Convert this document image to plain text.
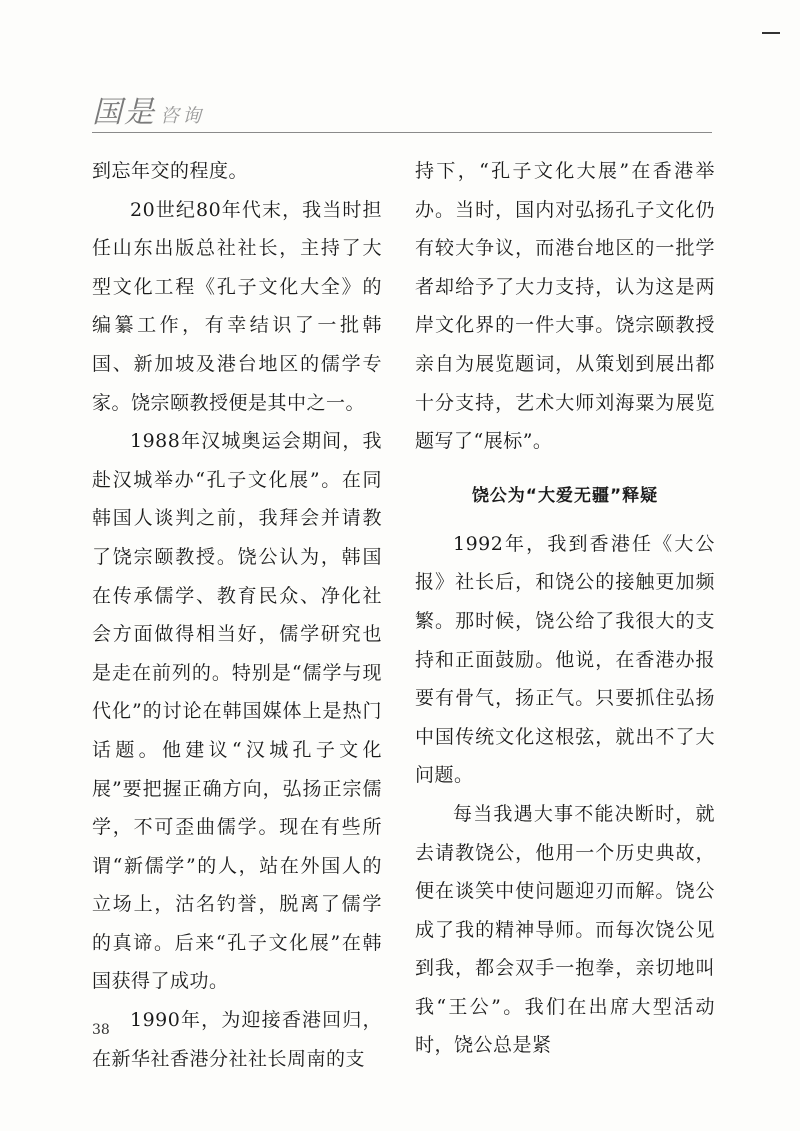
国是 咨询

到忘年交的程度。

20世纪80年代末，我当时担任山东出版总社社长，主持了大型文化工程《孔子文化大全》的编纂工作，有幸结识了一批韩国、新加坡及港台地区的儒学专家。饶宗颐教授便是其中之一。

1988年汉城奥运会期间，我赴汉城举办“孔子文化展”。在同韩国人谈判之前，我拜会并请教了饶宗颐教授。饶公认为，韩国在传承儒学、教育民众、净化社会方面做得相当好，儒学研究也是走在前列的。特别是“儒学与现代化”的讨论在韩国媒体上是热门话题。他建议“汉城孔子文化展”要把握正确方向，弘扬正宗儒学，不可歪曲儒学。现在有些所谓“新儒学”的人，站在外国人的立场上，沽名钓誉，脱离了儒学的真谛。后来“孔子文化展”在韩国获得了成功。

1990年，为迎接香港回归，在新华社香港分社社长周南的支

持下，“孔子文化大展”在香港举办。当时，国内对弘扬孔子文化仍有较大争议，而港台地区的一批学者却给予了大力支持，认为这是两岸文化界的一件大事。饶宗颐教授亲自为展览题词，从策划到展出都十分支持，艺术大师刘海粟为展览题写了“展标”。

饶公为“大爱无疆”释疑

1992年，我到香港任《大公报》社长后，和饶公的接触更加频繁。那时候，饶公给了我很大的支持和正面鼓励。他说，在香港办报要有骨气，扬正气。只要抓住弘扬中国传统文化这根弦，就出不了大问题。

每当我遇大事不能决断时，就去请教饶公，他用一个历史典故，便在谈笑中使问题迎刃而解。饶公成了我的精神导师。而每次饶公见到我，都会双手一抱拳，亲切地叫我“王公”。我们在出席大型活动时，饶公总是紧

38
